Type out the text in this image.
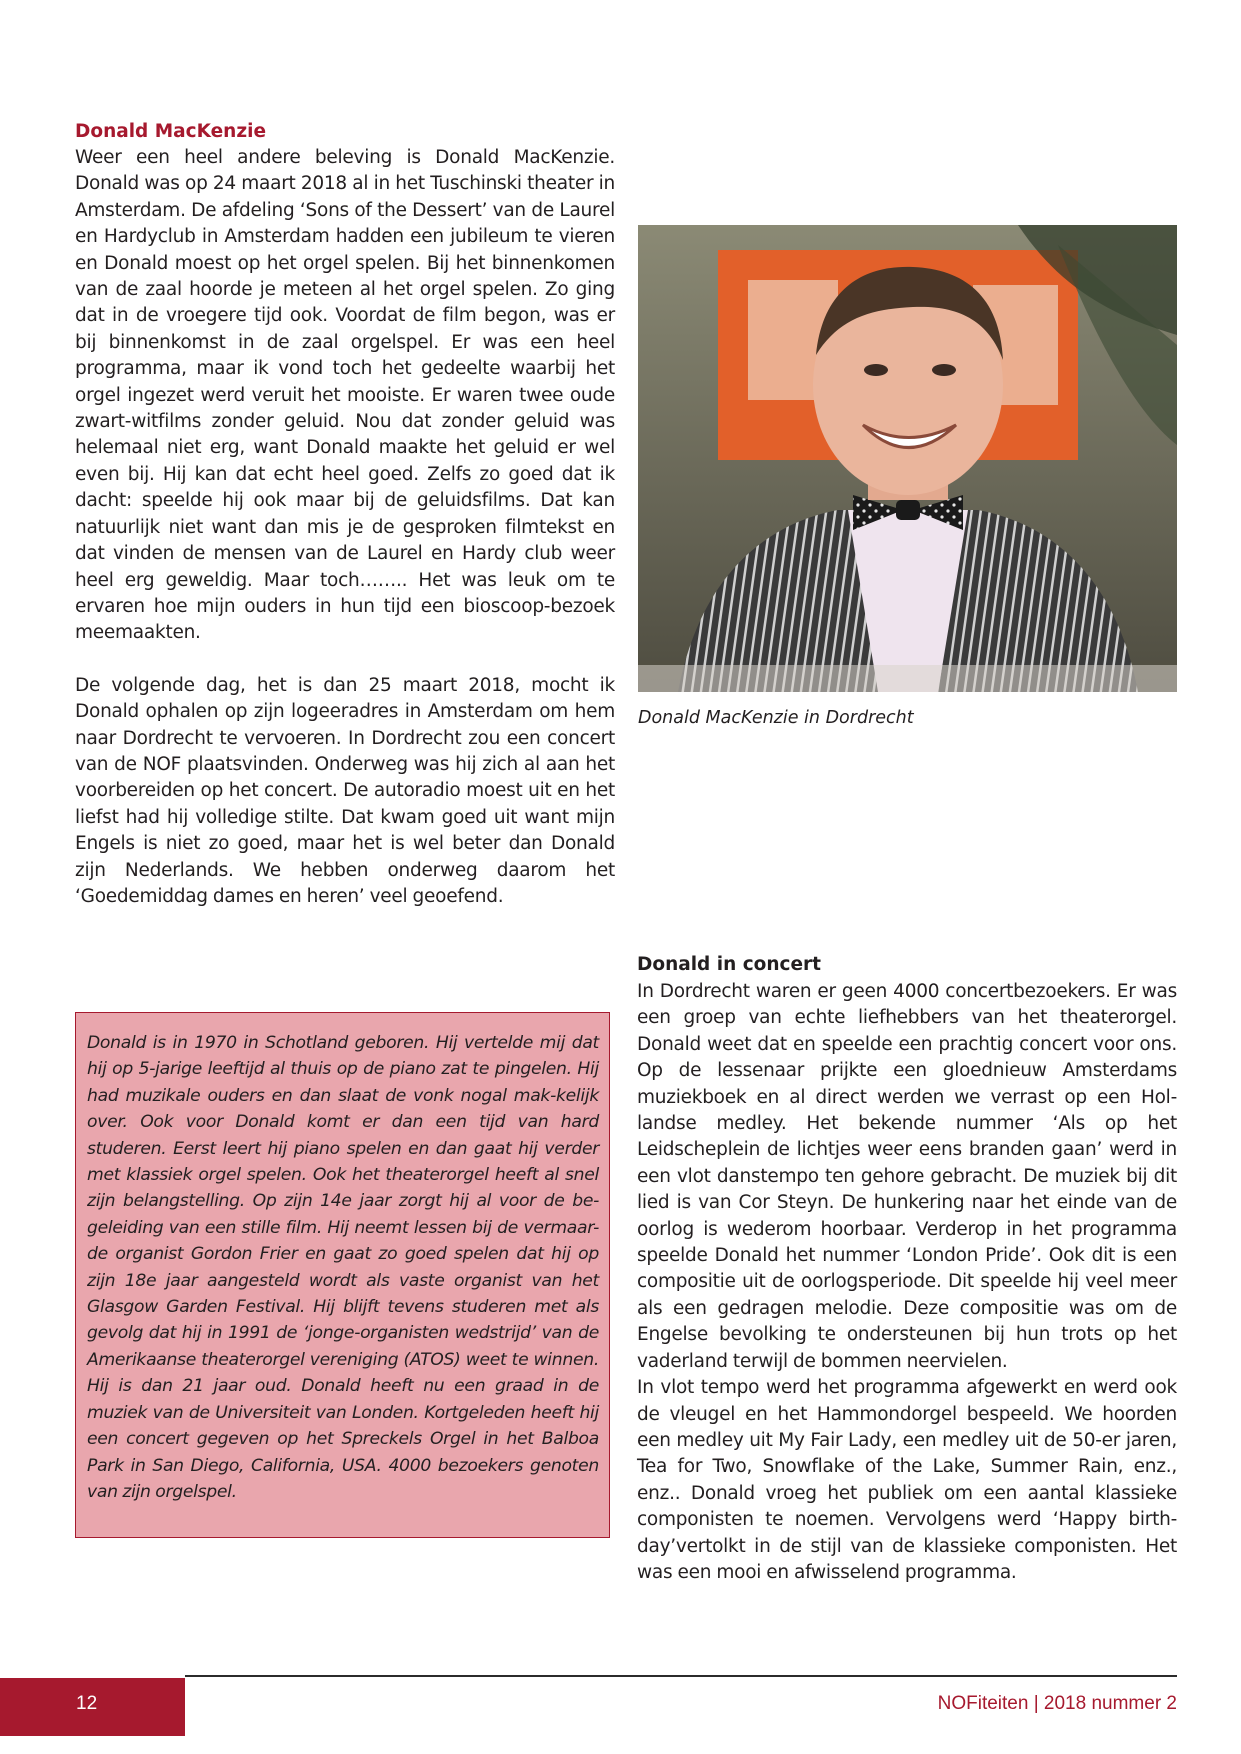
Donald MacKenzie

Weer een heel andere beleving is Donald MacKenzie. Donald was op 24 maart 2018 al in het Tuschinski theater in Amsterdam. De afdeling ‘Sons of the Dessert’ van de Laurel en Hardyclub in Amsterdam hadden een jubileum te vieren en Donald moest op het orgel spelen. Bij het binnenkomen van de zaal hoorde je meteen al het orgel spelen. Zo ging dat in de vroegere tijd ook. Voordat de film begon, was er bij binnenkomst in de zaal orgelspel. Er was een heel programma, maar ik vond toch het gedeelte waarbij het orgel ingezet werd veruit het mooiste. Er waren twee oude zwart-witfilms zonder geluid. Nou dat zonder geluid was helemaal niet erg, want Donald maakte het geluid er wel even bij. Hij kan dat echt heel goed. Zelfs zo goed dat ik dacht: speelde hij ook maar bij de geluidsfilms. Dat kan natuurlijk niet want dan mis je de gesproken filmtekst en dat vinden de mensen van de Laurel en Hardy club weer heel erg geweldig. Maar toch…….. Het was leuk om te ervaren hoe mijn ouders in hun tijd een bioscoop-bezoek meemaakten.

De volgende dag, het is dan 25 maart 2018, mocht ik Donald ophalen op zijn logeeradres in Amsterdam om hem naar Dordrecht te vervoeren. In Dordrecht zou een concert van de NOF plaatsvinden. Onderweg was hij zich al aan het voorbereiden op het concert. De autoradio moest uit en het liefst had hij volledige stilte. Dat kwam goed uit want mijn Engels is niet zo goed, maar het is wel beter dan Donald zijn Nederlands. We hebben onderweg daarom het ‘Goedemiddag dames en heren’ veel geoefend.

Donald MacKenzie in Dordrecht

Donald is in 1970 in Schotland geboren. Hij vertelde mij dat hij op 5-jarige leeftijd al thuis op de piano zat te pingelen. Hij had muzikale ouders en dan slaat de vonk nogal mak-kelijk over. Ook voor Donald komt er dan een tijd van hard studeren. Eerst leert hij piano spelen en dan gaat hij verder met klassiek orgel spelen. Ook het theaterorgel heeft al snel zijn belangstelling. Op zijn 14e jaar zorgt hij al voor de be-geleiding van een stille film. Hij neemt lessen bij de vermaar-de organist Gordon Frier en gaat zo goed spelen dat hij op zijn 18e jaar aangesteld wordt als vaste organist van het Glasgow Garden Festival. Hij blijft tevens studeren met als gevolg dat hij in 1991 de ‘jonge-organisten wedstrijd’ van de Amerikaanse theaterorgel vereniging (ATOS) weet te winnen. Hij is dan 21 jaar oud. Donald heeft nu een graad in de muziek van de Universiteit van Londen. Kortgeleden heeft hij een concert gegeven op het Spreckels Orgel in het Balboa Park in San Diego, California, USA. 4000 bezoekers genoten van zijn orgelspel.

Donald in concert

In Dordrecht waren er geen 4000 concertbezoekers. Er was een groep van echte liefhebbers van het theaterorgel. Donald weet dat en speelde een prachtig concert voor ons. Op de lessenaar prijkte een gloednieuw Amsterdams muziekboek en al direct werden we verrast op een Hol-landse medley. Het bekende nummer ‘Als op het Leidscheplein de lichtjes weer eens branden gaan’ werd in een vlot danstempo ten gehore gebracht. De muziek bij dit lied is van Cor Steyn. De hunkering naar het einde van de oorlog is wederom hoorbaar. Verderop in het programma speelde Donald het nummer ‘London Pride’. Ook dit is een compositie uit de oorlogsperiode. Dit speelde hij veel meer als een gedragen melodie. Deze compositie was om de Engelse bevolking te ondersteunen bij hun trots op het vaderland terwijl de bommen neervielen.

In vlot tempo werd het programma afgewerkt en werd ook de vleugel en het Hammondorgel bespeeld. We hoorden een medley uit My Fair Lady, een medley uit de 50-er jaren, Tea for Two, Snowflake of the Lake, Summer Rain, enz., enz.. Donald vroeg het publiek om een aantal klassieke componisten te noemen. Vervolgens werd ‘Happy birth-day’vertolkt in de stijl van de klassieke componisten. Het was een mooi en afwisselend programma.

12	NOFiteiten | 2018 nummer 2
